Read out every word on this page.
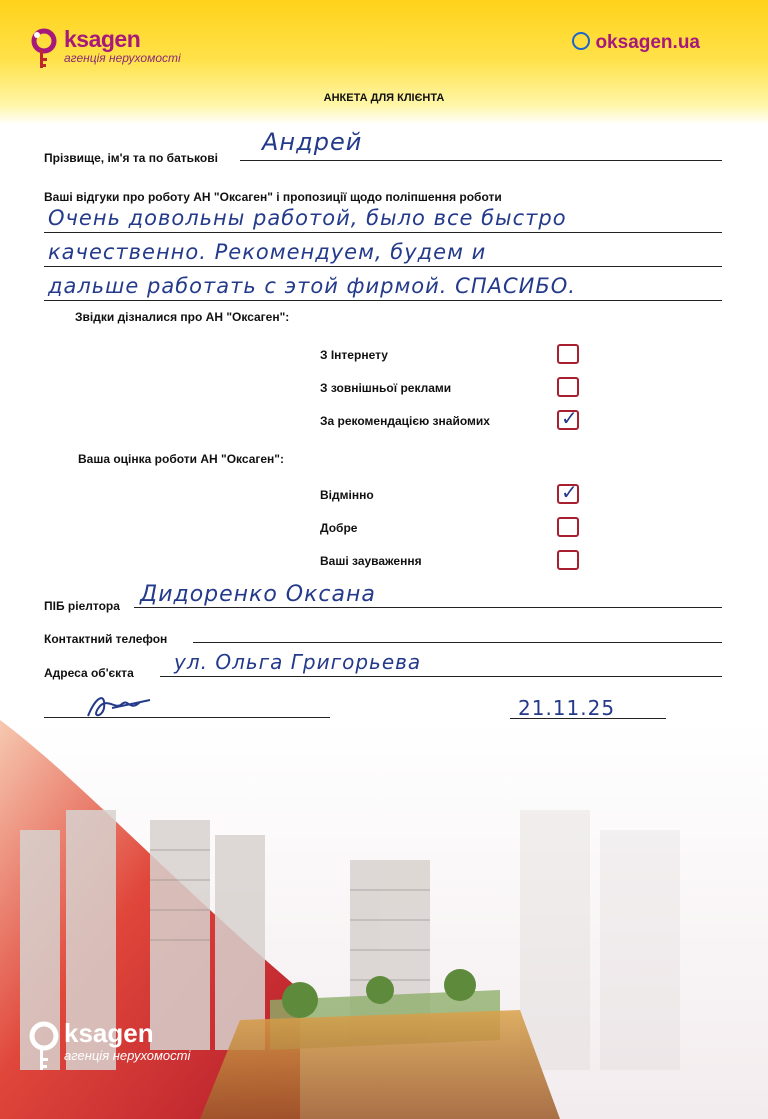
ksagen
агенція нерухомості
oksagen.ua
АНКЕТА ДЛЯ КЛІЄНТА
Прізвище, ім'я та по батькові
Андрей
Ваші відгуки про роботу АН "Оксаген" і пропозиції щодо поліпшення роботи
Очень довольны работой, было все быстро
качественно. Рекомендуем, будем и
дальше работать с этой фирмой. СПАСИБО.
Звідки дізналися про АН "Оксаген":
З Інтернету
З зовнішньої реклами
За рекомендацією знайомих	✓
Ваша оцінка роботи АН "Оксаген":
Відмінно	✓
Добре
Ваші зауваження
ПІБ ріелтора Дидоренко Оксана
Контактний телефон
Адреса об'єкта ул. Ольга Григорьева
21.11.25
ksagen
агенція нерухомості
